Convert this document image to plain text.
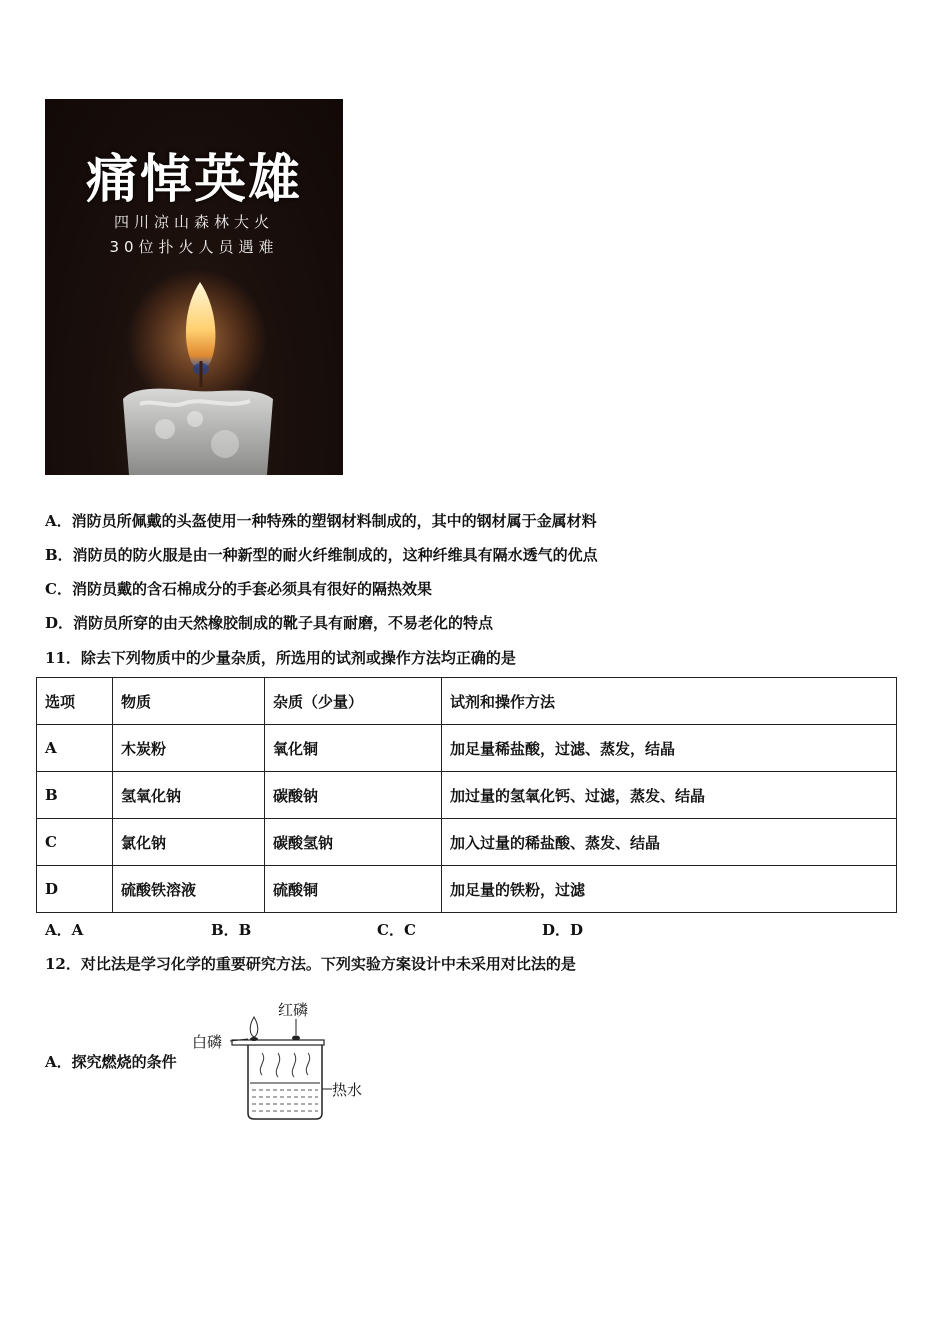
痛悼英雄
四川凉山森林大火
30位扑火人员遇难
A．消防员所佩戴的头盔使用一种特殊的塑钢材料制成的，其中的钢材属于金属材料
B．消防员的防火服是由一种新型的耐火纤维制成的，这种纤维具有隔水透气的优点
C．消防员戴的含石棉成分的手套必须具有很好的隔热效果
D．消防员所穿的由天然橡胶制成的靴子具有耐磨，不易老化的特点
11．除去下列物质中的少量杂质，所选用的试剂或操作方法均正确的是
选项	物质	杂质（少量）	试剂和操作方法
A	木炭粉	氧化铜	加足量稀盐酸，过滤、蒸发，结晶
B	氢氧化钠	碳酸钠	加过量的氢氧化钙、过滤，蒸发、结晶
C	氯化钠	碳酸氢钠	加入过量的稀盐酸、蒸发、结晶
D	硫酸铁溶液	硫酸铜	加足量的铁粉，过滤
A．A	B．B	C．C	D．D
12．对比法是学习化学的重要研究方法。下列实验方案设计中未采用对比法的是
A．探究燃烧的条件
红磷
白磷
热水
